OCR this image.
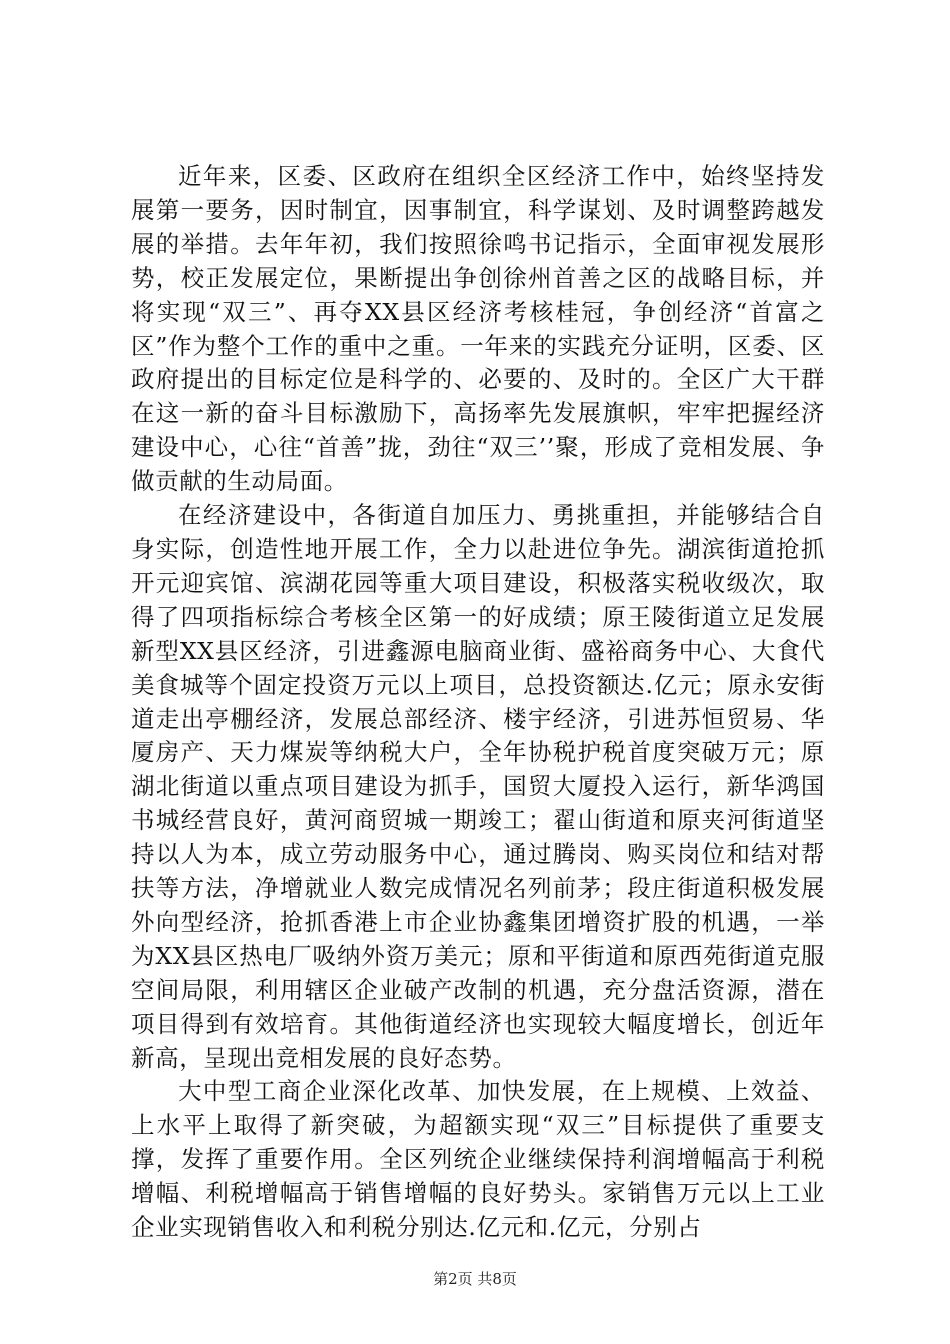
近年来，区委、区政府在组织全区经济工作中，始终坚持发展第一要务，因时制宜，因事制宜，科学谋划、及时调整跨越发展的举措。去年年初，我们按照徐鸣书记指示，全面审视发展形势，校正发展定位，果断提出争创徐州首善之区的战略目标，并将实现“双三”、再夺XX县区经济考核桂冠，争创经济“首富之区”作为整个工作的重中之重。一年来的实践充分证明，区委、区政府提出的目标定位是科学的、必要的、及时的。全区广大干群在这一新的奋斗目标激励下，高扬率先发展旗帜，牢牢把握经济建设中心，心往“首善”拢，劲往“双三’’聚，形成了竞相发展、争做贡献的生动局面。

在经济建设中，各街道自加压力、勇挑重担，并能够结合自身实际，创造性地开展工作，全力以赴进位争先。湖滨街道抢抓开元迎宾馆、滨湖花园等重大项目建设，积极落实税收级次，取得了四项指标综合考核全区第一的好成绩；原王陵街道立足发展新型XX县区经济，引进鑫源电脑商业街、盛裕商务中心、大食代美食城等个固定投资万元以上项目，总投资额达.亿元；原永安街道走出亭棚经济，发展总部经济、楼宇经济，引进苏恒贸易、华厦房产、天力煤炭等纳税大户，全年协税护税首度突破万元；原湖北街道以重点项目建设为抓手，国贸大厦投入运行，新华鸿国书城经营良好，黄河商贸城一期竣工；翟山街道和原夹河街道坚持以人为本，成立劳动服务中心，通过腾岗、购买岗位和结对帮扶等方法，净增就业人数完成情况名列前茅；段庄街道积极发展外向型经济，抢抓香港上市企业协鑫集团增资扩股的机遇，一举为XX县区热电厂吸纳外资万美元；原和平街道和原西苑街道克服空间局限，利用辖区企业破产改制的机遇，充分盘活资源，潜在项目得到有效培育。其他街道经济也实现较大幅度增长，创近年新高，呈现出竞相发展的良好态势。

大中型工商企业深化改革、加快发展，在上规模、上效益、上水平上取得了新突破，为超额实现“双三”目标提供了重要支撑，发挥了重要作用。全区列统企业继续保持利润增幅高于利税增幅、利税增幅高于销售增幅的良好势头。家销售万元以上工业企业实现销售收入和利税分别达.亿元和.亿元，分别占

第2页 共8页
